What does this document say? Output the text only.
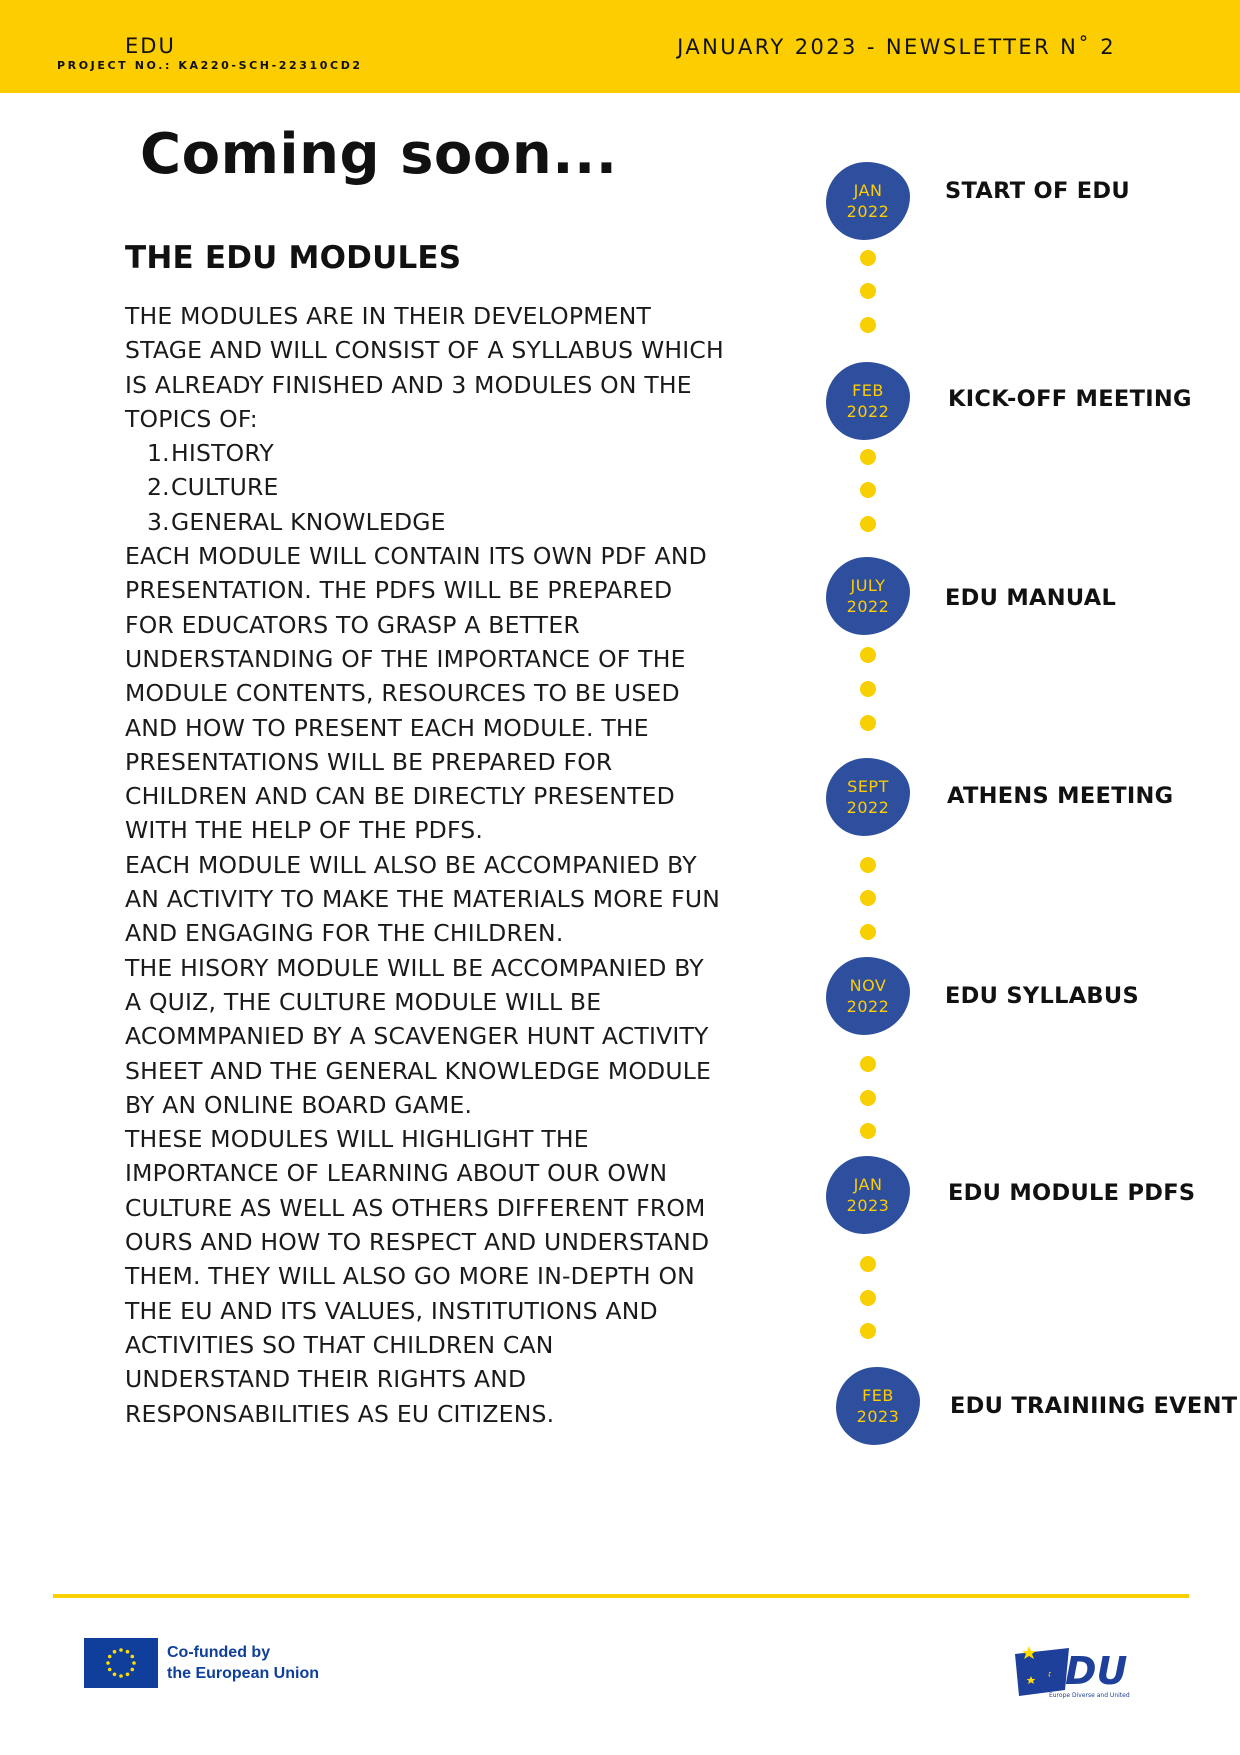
EDU
PROJECT NO.: KA220-SCH-22310CD2
JANUARY 2023 - NEWSLETTER N˚ 2
Coming soon...
THE EDU MODULES

THE MODULES ARE IN THEIR DEVELOPMENT STAGE AND WILL CONSIST OF A SYLLABUS WHICH IS ALREADY FINISHED AND 3 MODULES ON THE TOPICS OF:

1.HISTORY
2.CULTURE
3.GENERAL KNOWLEDGE

EACH MODULE WILL CONTAIN ITS OWN PDF AND PRESENTATION. THE PDFS WILL BE PREPARED FOR EDUCATORS TO GRASP A BETTER UNDERSTANDING OF THE IMPORTANCE OF THE MODULE CONTENTS, RESOURCES TO BE USED AND HOW TO PRESENT EACH MODULE. THE PRESENTATIONS WILL BE PREPARED FOR CHILDREN AND CAN BE DIRECTLY PRESENTED WITH THE HELP OF THE PDFS.

EACH MODULE WILL ALSO BE ACCOMPANIED BY AN ACTIVITY TO MAKE THE MATERIALS MORE FUN AND ENGAGING FOR THE CHILDREN.

THE HISORY MODULE WILL BE ACCOMPANIED BY A QUIZ, THE CULTURE MODULE WILL BE ACOMMPANIED BY A SCAVENGER HUNT ACTIVITY SHEET AND THE GENERAL KNOWLEDGE MODULE BY AN ONLINE BOARD GAME.

THESE MODULES WILL HIGHLIGHT THE IMPORTANCE OF LEARNING ABOUT OUR OWN CULTURE AS WELL AS OTHERS DIFFERENT FROM OURS AND HOW TO RESPECT AND UNDERSTAND THEM. THEY WILL ALSO GO MORE IN-DEPTH ON THE EU AND ITS VALUES, INSTITUTIONS AND ACTIVITIES SO THAT CHILDREN CAN UNDERSTAND THEIR RIGHTS AND RESPONSABILITIES AS EU CITIZENS.

JAN
2022
START OF EDU
FEB
2022	KICK-OFF MEETING
JULY
2022 EDU MANUAL
SEPT
2022	ATHENS MEETING
NOV
2022 EDU SYLLABUS
JAN
2023	EDU MODULE PDFS
FEB
2023 EDU TRAINIING EVENT
Co-funded by
the European Union	EDU
Europe Diverse and United
